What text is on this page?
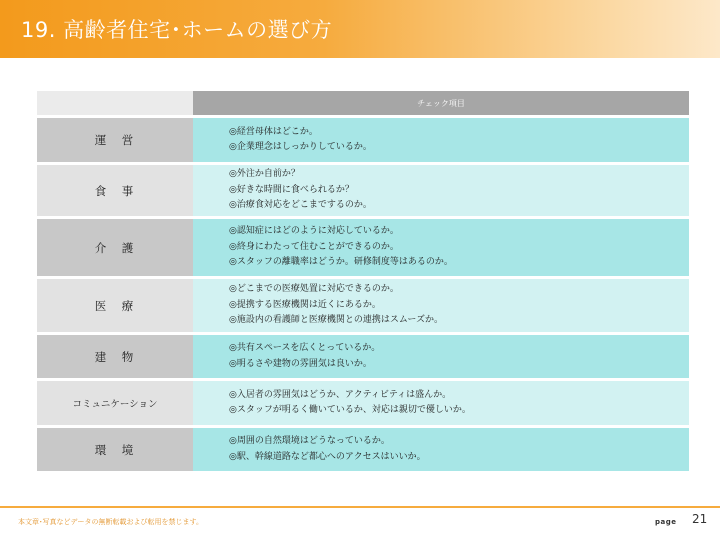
19. 高齢者住宅･ホームの選び方
	チェック項目
運　営	◎経営母体はどこか。
◎企業理念はしっかりしているか。

食　事	◎外注か自前か？
◎好きな時間に食べられるか？
◎治療食対応をどこまでするのか。

介　護	◎認知症にはどのように対応しているか。
◎終身にわたって住むことができるのか。
◎スタッフの離職率はどうか。研修制度等はあるのか。

医　療	◎どこまでの医療処置に対応できるのか。
◎提携する医療機関は近くにあるか。
◎施設内の看護師と医療機関との連携はスムーズか。

建　物	◎共有スペースを広くとっているか。
◎明るさや建物の雰囲気は良いか。

コミュニケーション	◎入居者の雰囲気はどうか、アクティビティは盛んか。
◎スタッフが明るく働いているか、対応は親切で優しいか。

環　境	◎周囲の自然環境はどうなっているか。
◎駅、幹線道路など都心へのアクセスはいいか。
本文章･写真などデータの無断転載および転用を禁じます。	page 21
